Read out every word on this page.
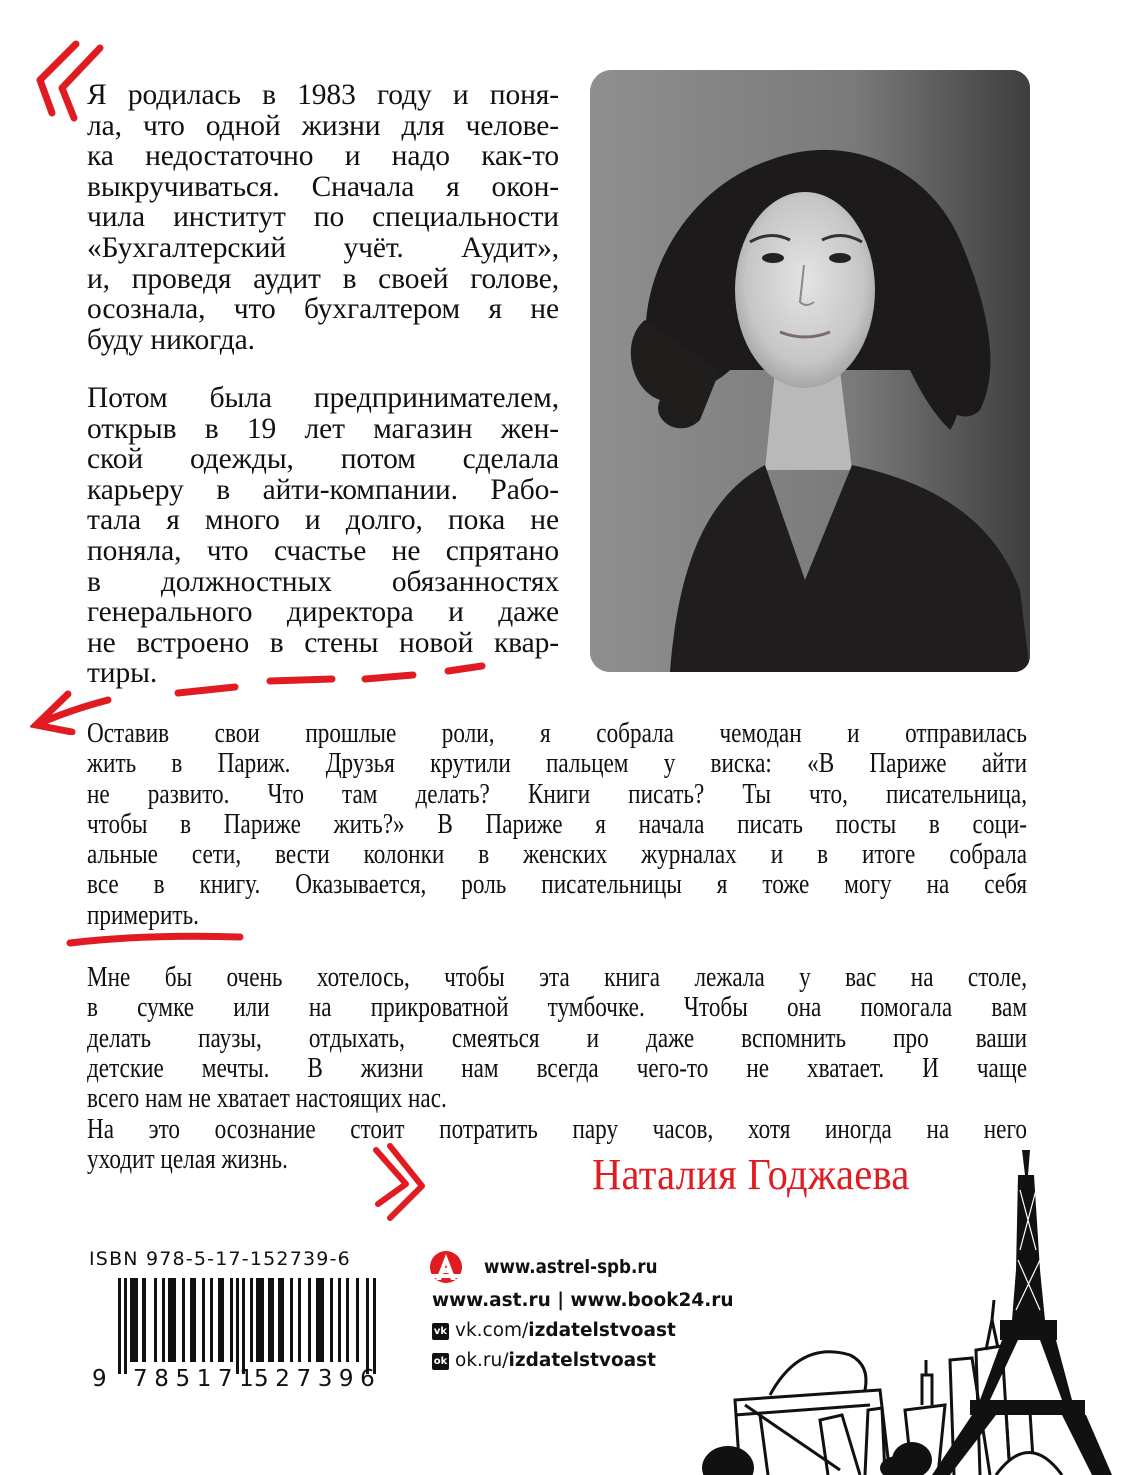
Я родилась в 1983 году и поня-
ла, что одной жизни для челове-
ка недостаточно и надо как-то
выкручиваться. Сначала я окон-
чила институт по специальности
«Бухгалтерский учёт. Аудит»,
и, проведя аудит в своей голове,
осознала, что бухгалтером я не
буду никогда.
Потом была предпринимателем,
открыв в 19 лет магазин жен-
ской одежды, потом сделала
карьеру в айти-компании. Рабо-
тала я много и долго, пока не
поняла, что счастье не спрятано
в должностных обязанностях
генерального директора и даже
не встроено в стены новой квар-
тиры.
Оставив свои прошлые роли, я собрала чемодан и отправилась
жить в Париж. Друзья крутили пальцем у виска: «В Париже айти
не развито. Что там делать? Книги писать? Ты что, писательница,
чтобы в Париже жить?» В Париже я начала писать посты в соци-
альные сети, вести колонки в женских журналах и в итоге собрала
все в книгу. Оказывается, роль писательницы я тоже могу на себя
примерить.
Мне бы очень хотелось, чтобы эта книга лежала у вас на столе,
в сумке или на прикроватной тумбочке. Чтобы она помогала вам
делать паузы, отдыхать, смеяться и даже вспомнить про ваши
детские мечты. В жизни нам всегда чего-то не хватает. И чаще
всего нам не хватает настоящих нас.
На это осознание стоит потратить пару часов, хотя иногда на него
уходит целая жизнь.	Наталия Годжаева
ISBN 978-5-17-152739-6
9 785171
527396
www.astrel-spb.ru
www.ast.ru | www.book24.ru
vk vk.com/izdatelstvoast
ok ok.ru/izdatelstvoast
